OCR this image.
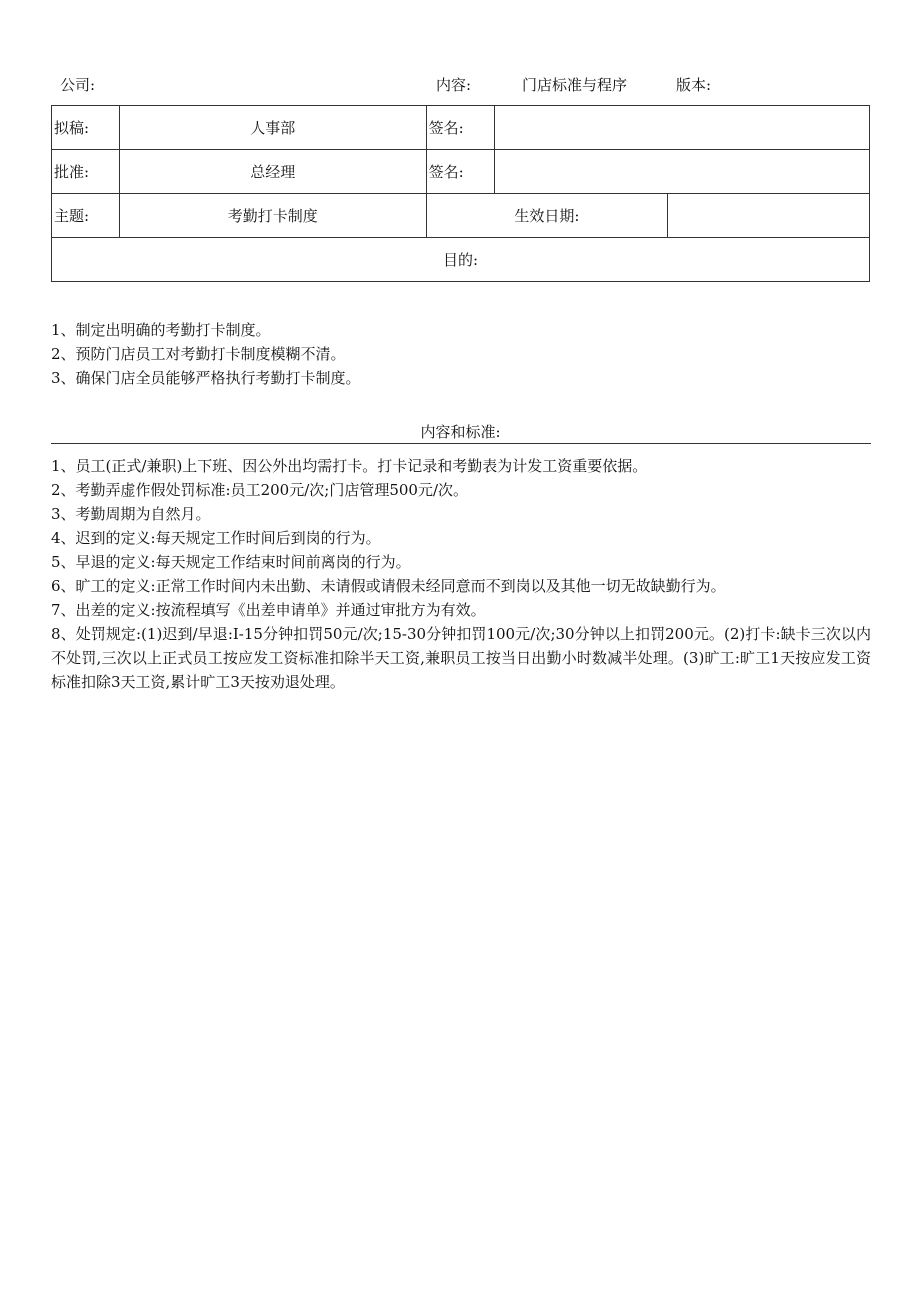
公司:	内容:	门店标准与程序	版本:
拟稿:	人事部	签名:		
批准:	总经理	签名:		
主题:	考勤打卡制度	生效日期:		
目的:				
1、制定出明确的考勤打卡制度。
2、预防门店员工对考勤打卡制度模糊不清。
3、确保门店全员能够严格执行考勤打卡制度。
内容和标准:
1、员工(正式/兼职)上下班、因公外出均需打卡。打卡记录和考勤表为计发工资重要依据。
2、考勤弄虚作假处罚标准:员工200元/次;门店管理500元/次。
3、考勤周期为自然月。
4、迟到的定义:每天规定工作时间后到岗的行为。
5、早退的定义:每天规定工作结束时间前离岗的行为。
6、旷工的定义:正常工作时间内未出勤、未请假或请假未经同意而不到岗以及其他一切无故缺勤行为。
7、出差的定义:按流程填写《出差申请单》并通过审批方为有效。
8、处罚规定:(1)迟到/早退:I-15分钟扣罚50元/次;15-30分钟扣罚100元/次;30分钟以上扣罚200元。(2)打卡:缺卡三次以内不处罚,三次以上正式员工按应发工资标准扣除半天工资,兼职员工按当日出勤小时数减半处理。(3)旷工:旷工1天按应发工资标准扣除3天工资,累计旷工3天按劝退处理。
